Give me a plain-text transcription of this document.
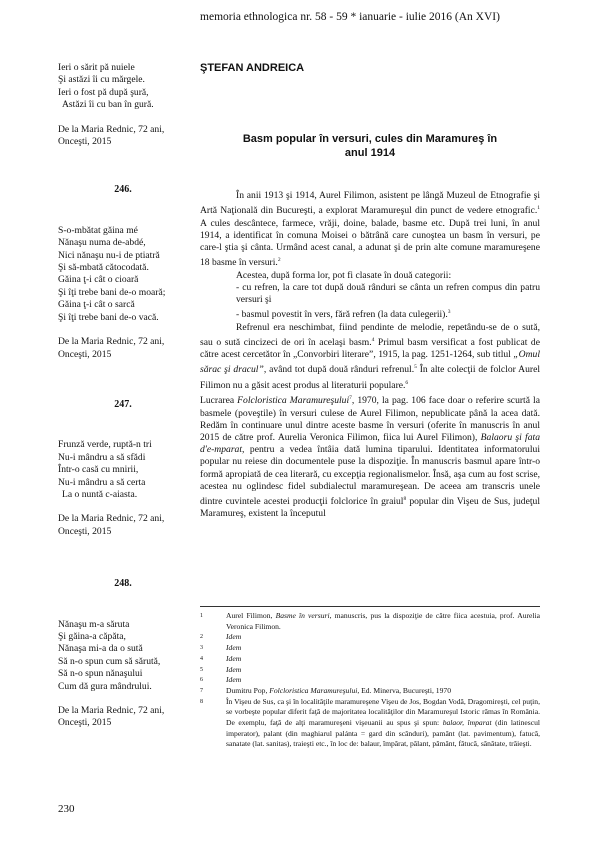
memoria ethnologica nr. 58 - 59 * ianuarie - iulie 2016 (An XVI)
Ieri o sărit pă nuiele
Şi astăzi îi cu mărgele.
Ieri o fost pă după şură,
Astăzi îi cu ban în gură.
De la Maria Rednic, 72 ani,
Onceşti, 2015
246.
S-o-mbătat găina mé
Nănaşu numa de-abdé,
Nici nănaşu nu-i de ptiatră
Şi să-mbată cătocodată.
Găina ţ-i cât o cioară
Şi îţi trebe bani de-o moară;
Găina ţ-i cât o sarcă
Şi îţi trebe bani de-o vacă.
De la Maria Rednic, 72 ani,
Onceşti, 2015
247.
Frunză verde, ruptă-n tri
Nu-i mândru a să sfădi
Într-o casă cu mnirii,
Nu-i mândru a să certa
La o nuntă c-aiasta.
De la Maria Rednic, 72 ani,
Onceşti, 2015
248.
Nănaşu m-a săruta
Şi găina-a căpăta,
Nănaşa mi-a da o sută
Să n-o spun cum să sărută,
Să n-o spun nănaşului
Cum dă gura mândrului.
De la Maria Rednic, 72 ani,
Onceşti, 2015
ŞTEFAN ANDREICA
Basm popular în versuri, cules din Maramureş în
anul 1914

În anii 1913 şi 1914, Aurel Filimon, asistent pe lângă Muzeul de Etnografie şi Artă Naţională din Bucureşti, a explorat Maramureşul din punct de vedere etnografic.$^1$ A cules descântece, farmece, vrăji, doine, balade, basme etc. După trei luni, în anul 1914, a identificat în comuna Moisei o bătrână care cunoştea un basm în versuri, pe care-l ştia şi cânta. Urmând acest canal, a adunat şi de prin alte comune maramureşene 18 basme în versuri.$^2$

Acestea, după forma lor, pot fi clasate în două categorii:

- cu refren, la care tot după două rânduri se cânta un refren compus din patru versuri şi

- basmul povestit în vers, fără refren (la data culegerii).$^3$

Refrenul era neschimbat, fiind pendinte de melodie, repetându-se de o sută, sau o sută cincizeci de ori în acelaşi basm.$^4$ Primul basm versificat a fost publicat de către acest cercetător în „Convorbiri literare”, 1915, la pag. 1251-1264, sub titlul „Omul sărac şi dracul”, având tot după două rânduri refrenul.$^5$ În alte colecţii de folclor Aurel Filimon nu a găsit acest produs al literaturii populare.$^6$

Lucrarea Folcloristica Maramureşului$^7$, 1970, la pag. 106 face doar o referire scurtă la basmele (poveştile) în versuri culese de Aurel Filimon, nepublicate până la acea dată. Redăm în continuare unul dintre aceste basme în versuri (oferite în manuscris în anul 2015 de către prof. Aurelia Veronica Filimon, fiica lui Aurel Filimon), Balaoru şi fata d'e-mparat, pentru a vedea întâia dată lumina tiparului. Identitatea informatorului popular nu reiese din documentele puse la dispoziţie. În manuscris basmul apare într-o formă apropiată de cea literară, cu excepţia regionalismelor. Însă, aşa cum au fost scrise, acestea nu oglindesc fidel subdialectul maramureşean. De aceea am transcris unele dintre cuvintele acestei producţii folclorice în graiul$^8$ popular din Vişeu de Sus, judeţul Maramureş, existent la începutul

1	Aurel Filimon, Basme în versuri, manuscris, pus la dispoziţie de către fiica acestuia, prof. Aurelia Veronica Filimon.
2	Idem
3	Idem
4	Idem
5	Idem
6	Idem
7	Dumitru Pop, Folcloristica Maramureşului, Ed. Minerva, Bucureşti, 1970
8	În Vişeu de Sus, ca şi în localităţile maramureşene Vişeu de Jos, Bogdan Vodă, Dragomireşti, cel puţin, se vorbeşte popular diferit faţă de majoritatea localităţilor din Maramureşul Istoric rămas în România. De exemplu, faţă de alţi maramureşeni vişeuanii au spus şi spun: balaor, împarat (din latinescul imperator), palant (din maghiarul palánta = gard din scânduri), pamânt (lat. pavimentum), fatucă, sanatate (lat. sanitas), traieşti etc., în loc de: balaur, împărat, pălant, pământ, fătucă, sănătate, trăieşti.
230
